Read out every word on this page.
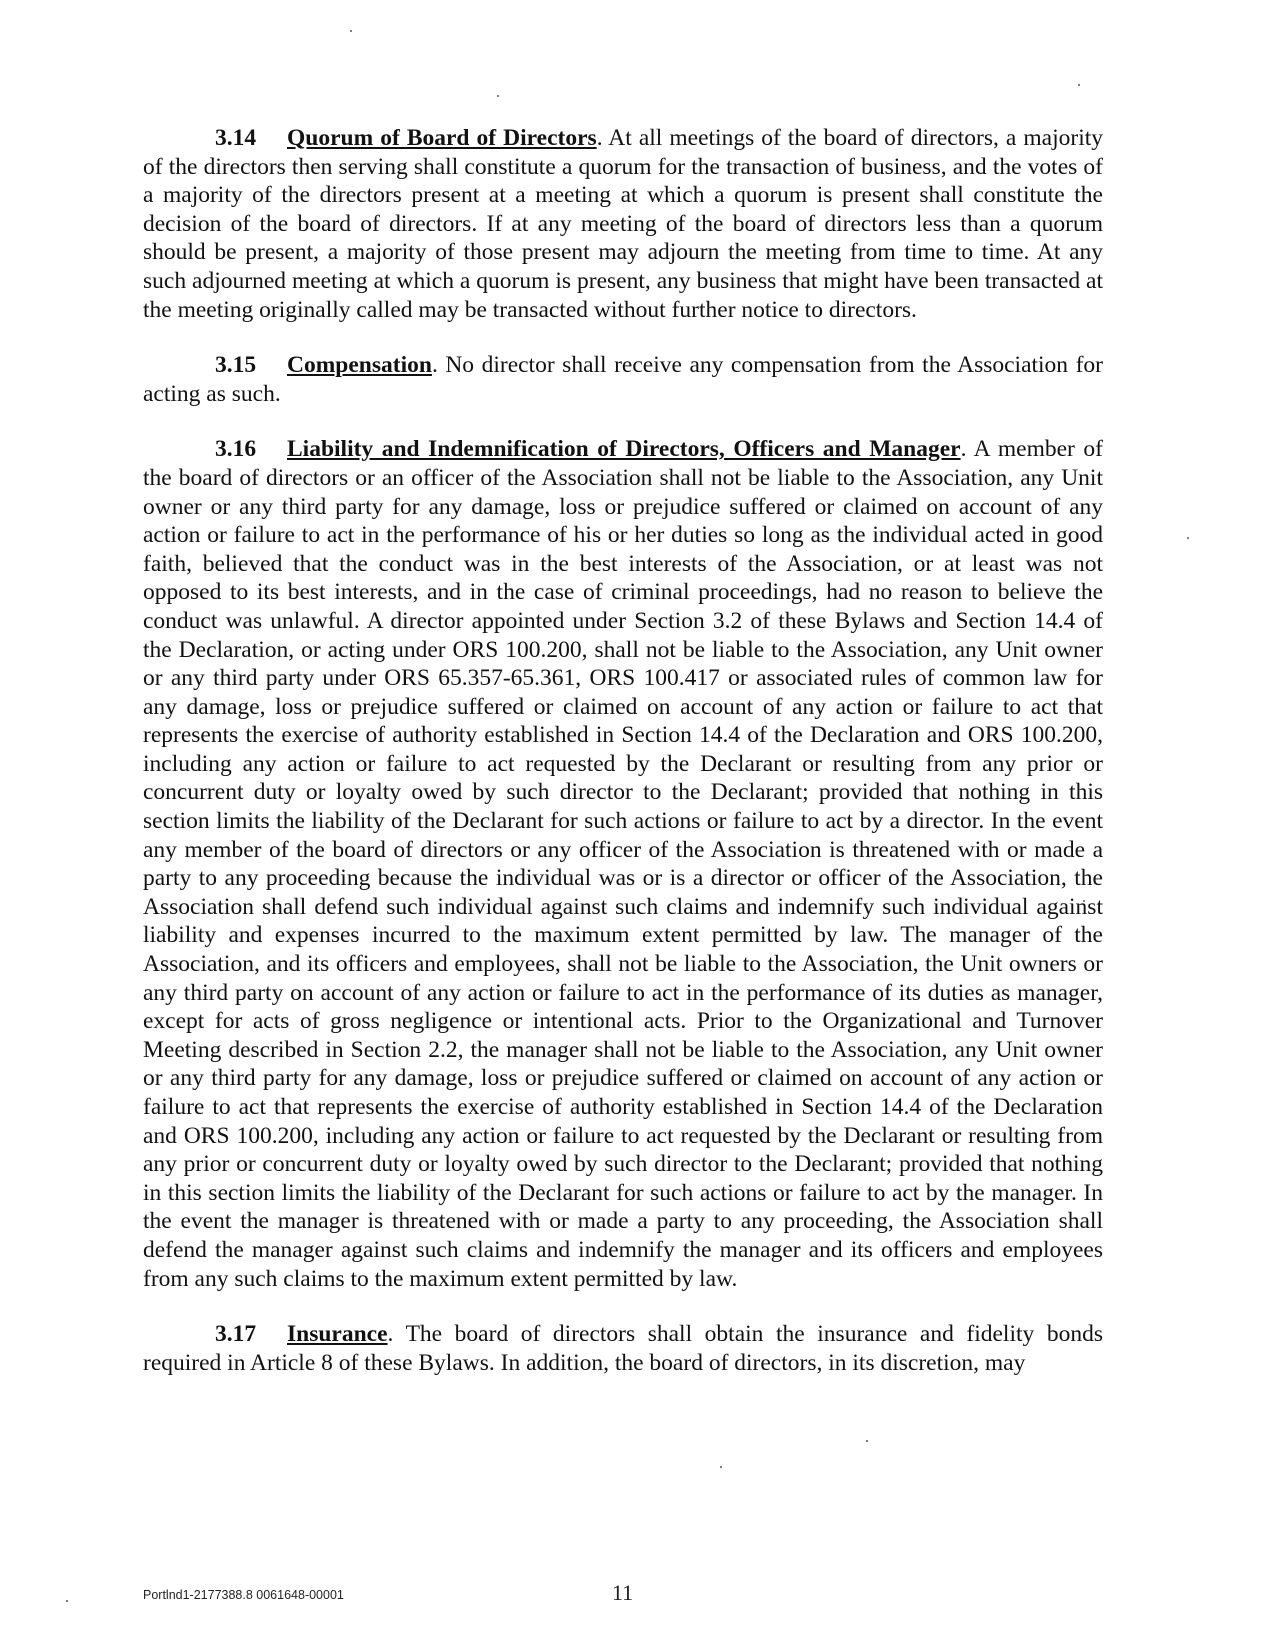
3.14 Quorum of Board of Directors. At all meetings of the board of directors, a majority of the directors then serving shall constitute a quorum for the transaction of business, and the votes of a majority of the directors present at a meeting at which a quorum is present shall constitute the decision of the board of directors. If at any meeting of the board of directors less than a quorum should be present, a majority of those present may adjourn the meeting from time to time. At any such adjourned meeting at which a quorum is present, any business that might have been transacted at the meeting originally called may be transacted without further notice to directors.

3.15 Compensation. No director shall receive any compensation from the Association for acting as such.

3.16 Liability and Indemnification of Directors, Officers and Manager. A member of the board of directors or an officer of the Association shall not be liable to the Association, any Unit owner or any third party for any damage, loss or prejudice suffered or claimed on account of any action or failure to act in the performance of his or her duties so long as the individual acted in good faith, believed that the conduct was in the best interests of the Association, or at least was not opposed to its best interests, and in the case of criminal proceedings, had no reason to believe the conduct was unlawful. A director appointed under Section 3.2 of these Bylaws and Section 14.4 of the Declaration, or acting under ORS 100.200, shall not be liable to the Association, any Unit owner or any third party under ORS 65.357-65.361, ORS 100.417 or associated rules of common law for any damage, loss or prejudice suffered or claimed on account of any action or failure to act that represents the exercise of authority established in Section 14.4 of the Declaration and ORS 100.200, including any action or failure to act requested by the Declarant or resulting from any prior or concurrent duty or loyalty owed by such director to the Declarant; provided that nothing in this section limits the liability of the Declarant for such actions or failure to act by a director. In the event any member of the board of directors or any officer of the Association is threatened with or made a party to any proceeding because the individual was or is a director or officer of the Association, the Association shall defend such individual against such claims and indemnify such individual against liability and expenses incurred to the maximum extent permitted by law. The manager of the Association, and its officers and employees, shall not be liable to the Association, the Unit owners or any third party on account of any action or failure to act in the performance of its duties as manager, except for acts of gross negligence or intentional acts. Prior to the Organizational and Turnover Meeting described in Section 2.2, the manager shall not be liable to the Association, any Unit owner or any third party for any damage, loss or prejudice suffered or claimed on account of any action or failure to act that represents the exercise of authority established in Section 14.4 of the Declaration and ORS 100.200, including any action or failure to act requested by the Declarant or resulting from any prior or concurrent duty or loyalty owed by such director to the Declarant; provided that nothing in this section limits the liability of the Declarant for such actions or failure to act by the manager. In the event the manager is threatened with or made a party to any proceeding, the Association shall defend the manager against such claims and indemnify the manager and its officers and employees from any such claims to the maximum extent permitted by law.

3.17 Insurance. The board of directors shall obtain the insurance and fidelity bonds required in Article 8 of these Bylaws. In addition, the board of directors, in its discretion, may

Portlnd1-2177388.8 0061648-00001	11
